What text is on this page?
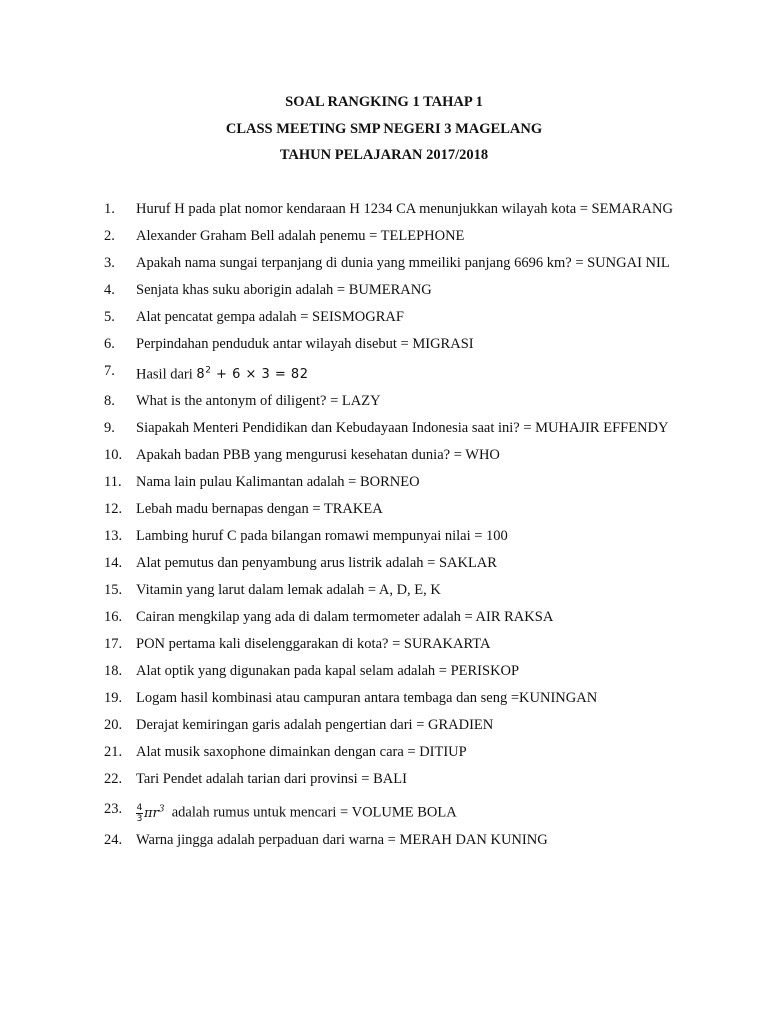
SOAL RANGKING 1 TAHAP 1
CLASS MEETING SMP NEGERI 3 MAGELANG
TAHUN PELAJARAN 2017/2018
1.	Huruf H pada plat nomor kendaraan H 1234 CA menunjukkan wilayah kota = SEMARANG
2.	Alexander Graham Bell adalah penemu = TELEPHONE
3.	Apakah nama sungai terpanjang di dunia yang mmeiliki panjang 6696 km? = SUNGAI NIL
4.	Senjata khas suku aborigin adalah = BUMERANG
5.	Alat pencatat gempa adalah = SEISMOGRAF
6.	Perpindahan penduduk antar wilayah disebut = MIGRASI
7.	Hasil dari $8^2 + 6 \times 3 = 82$
8.	What is the antonym of diligent? = LAZY
9.	Siapakah Menteri Pendidikan dan Kebudayaan Indonesia saat ini? = MUHAJIR EFFENDY
10. Apakah badan PBB yang mengurusi kesehatan dunia? = WHO
11. Nama lain pulau Kalimantan adalah = BORNEO
12. Lebah madu bernapas dengan = TRAKEA
13. Lambing huruf C pada bilangan romawi mempunyai nilai = 100
14. Alat pemutus dan penyambung arus listrik adalah = SAKLAR
15. Vitamin yang larut dalam lemak adalah = A, D, E, K
16. Cairan mengkilap yang ada di dalam termometer adalah = AIR RAKSA
17. PON pertama kali diselenggarakan di kota? = SURAKARTA
18. Alat optik yang digunakan pada kapal selam adalah = PERISKOP
19. Logam hasil kombinasi atau campuran antara tembaga dan seng =KUNINGAN
20. Derajat kemiringan garis adalah pengertian dari = GRADIEN
21. Alat musik saxophone dimainkan dengan cara = DITIUP
22. Tari Pendet adalah tarian dari provinsi = BALI
23.	$\frac{4}{3} \pi r^3$  adalah rumus untuk mencari = VOLUME BOLA
24. Warna jingga adalah perpaduan dari warna = MERAH DAN KUNING
